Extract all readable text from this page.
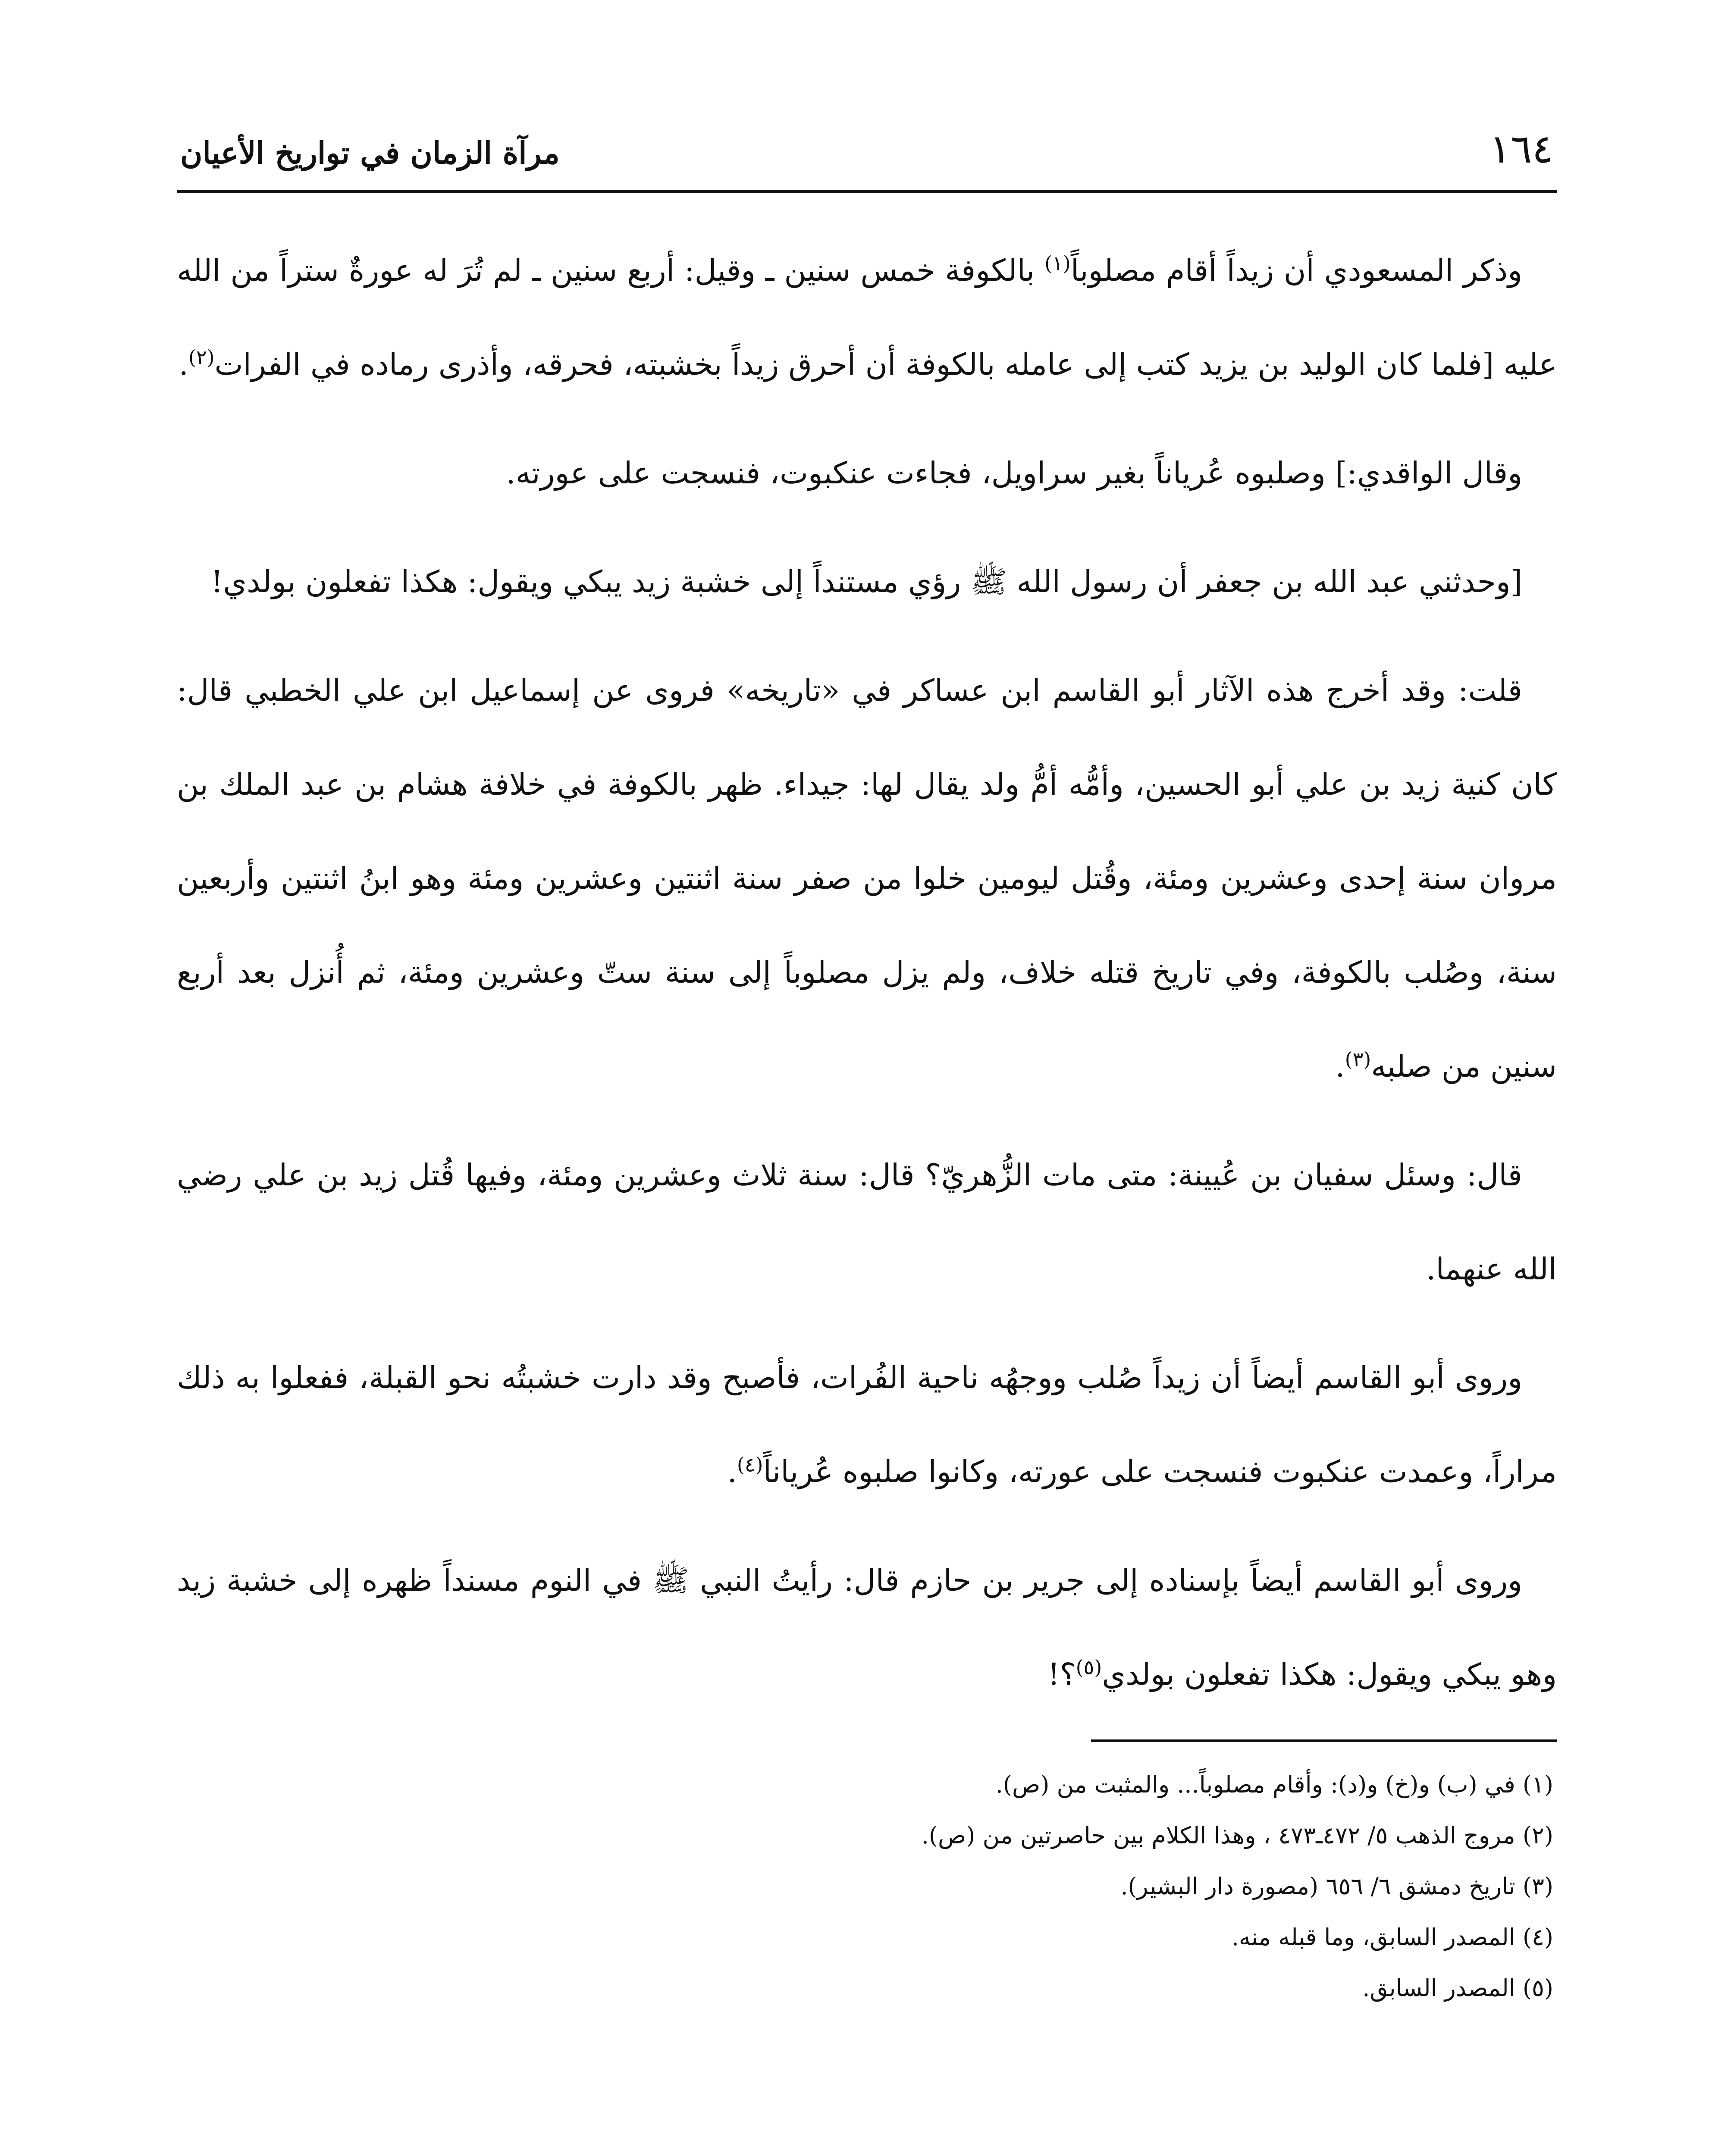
١٦٤
مرآة الزمان في تواريخ الأعيان

وذكر المسعودي أن زيداً أقام مصلوباً$^{(١)}$ بالكوفة خمس سنين ـ وقيل: أربع سنين ـ لم تُرَ له عورةٌ ستراً من الله عليه [فلما كان الوليد بن يزيد كتب إلى عامله بالكوفة أن أحرق زيداً بخشبته، فحرقه، وأذرى رماده في الفرات$^{(٢)}$.

وقال الواقدي:] وصلبوه عُرياناً بغير سراويل، فجاءت عنكبوت، فنسجت على عورته.

[وحدثني عبد الله بن جعفر أن رسول الله ﷺ رؤي مستنداً إلى خشبة زيد يبكي ويقول: هكذا تفعلون بولدي!

قلت: وقد أخرج هذه الآثار أبو القاسم ابن عساكر في «تاريخه» فروى عن إسماعيل ابن علي الخطبي قال: كان كنية زيد بن علي أبو الحسين، وأمُّه أمُّ ولد يقال لها: جيداء. ظهر بالكوفة في خلافة هشام بن عبد الملك بن مروان سنة إحدى وعشرين ومئة، وقُتل ليومين خلوا من صفر سنة اثنتين وعشرين ومئة وهو ابنُ اثنتين وأربعين سنة، وصُلب بالكوفة، وفي تاريخ قتله خلاف، ولم يزل مصلوباً إلى سنة ستّ وعشرين ومئة، ثم أُنزل بعد أربع سنين من صلبه$^{(٣)}$.

قال: وسئل سفيان بن عُيينة: متى مات الزُّهريّ؟ قال: سنة ثلاث وعشرين ومئة، وفيها قُتل زيد بن علي رضي الله عنهما.

وروى أبو القاسم أيضاً أن زيداً صُلب ووجهُه ناحية الفُرات، فأصبح وقد دارت خشبتُه نحو القبلة، ففعلوا به ذلك مراراً، وعمدت عنكبوت فنسجت على عورته، وكانوا صلبوه عُرياناً$^{(٤)}$.

وروى أبو القاسم أيضاً بإسناده إلى جرير بن حازم قال: رأيتُ النبي ﷺ في النوم مسنداً ظهره إلى خشبة زيد وهو يبكي ويقول: هكذا تفعلون بولدي$^{(٥)}$؟!

(١) في (ب) و(خ) و(د): وأقام مصلوباً... والمثبت من (ص).

(٢) مروج الذهب ٥/ ٤٧٢ـ٤٧٣ ، وهذا الكلام بين حاصرتين من (ص).

(٣) تاريخ دمشق ٦/ ٦٥٦ (مصورة دار البشير).

(٤) المصدر السابق، وما قبله منه.

(٥) المصدر السابق.
